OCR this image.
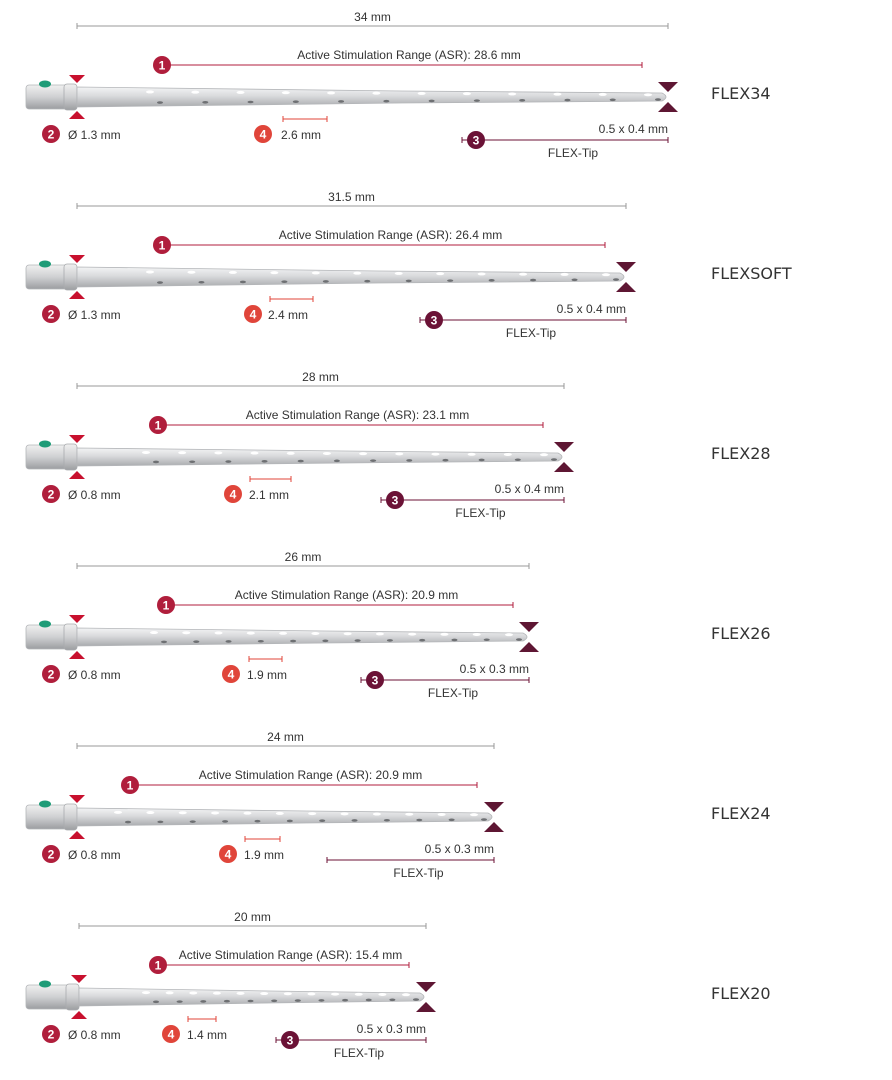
34 mm
Active Stimulation Range (ASR): 28.6 mm
1
2 Ø 1.3 mm	4 2.6 mm	0.5 x 0.4 mm
3
FLEX-Tip
FLEX34
31.5 mm
Active Stimulation Range (ASR): 26.4 mm
1
2 Ø 1.3 mm	4 2.4 mm	0.5 x 0.4 mm
3
FLEX-Tip
FLEXSOFT
28 mm
Active Stimulation Range (ASR): 23.1 mm
1
2 Ø 0.8 mm	4 2.1 mm	0.5 x 0.4 mm
3
FLEX-Tip
FLEX28
26 mm
Active Stimulation Range (ASR): 20.9 mm
1
2 Ø 0.8 mm	4 1.9 mm	0.5 x 0.3 mm
3
FLEX-Tip
FLEX26
24 mm
Active Stimulation Range (ASR): 20.9 mm
1
2 Ø 0.8 mm	4 1.9 mm	0.5 x 0.3 mm
FLEX-Tip
FLEX24
20 mm
Active Stimulation Range (ASR): 15.4 mm
1
2 Ø 0.8 mm	4 1.4 mm	0.5 x 0.3 mm
3
FLEX-Tip
FLEX20
